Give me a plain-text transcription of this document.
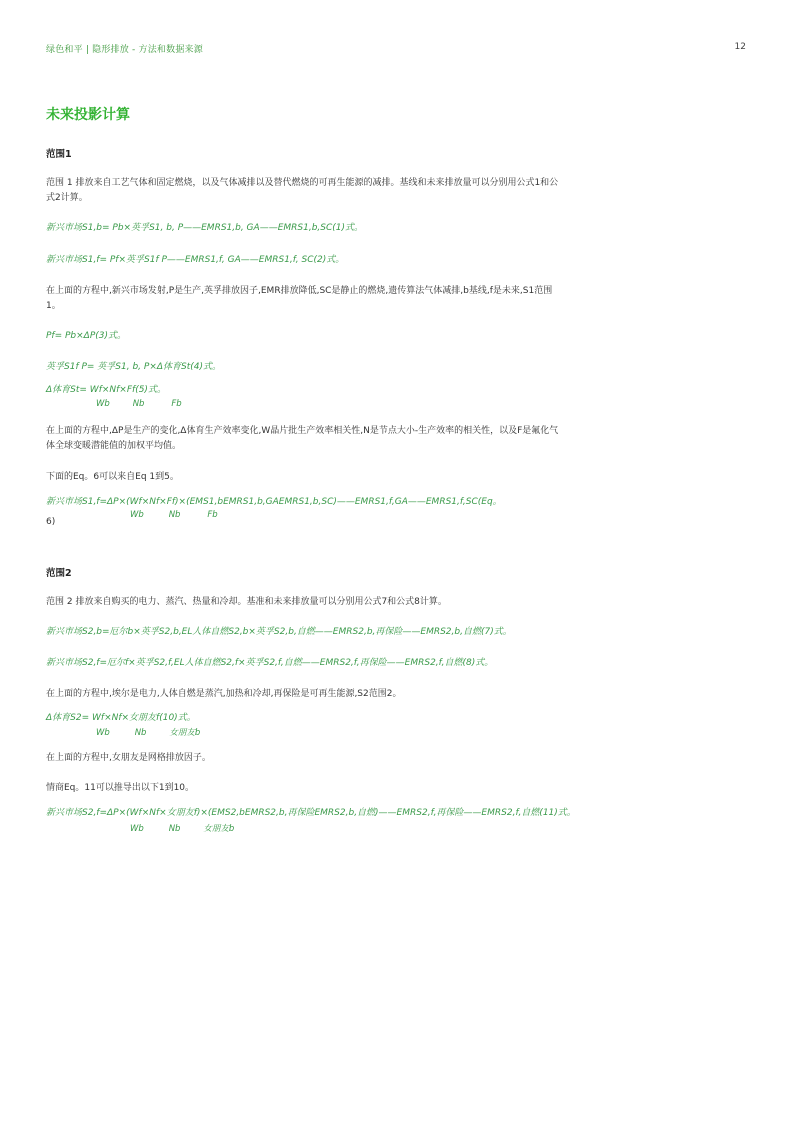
绿色和平 | 隐形排放 - 方法和数据来源	12
未来投影计算
范围1
范围 1 排放来自工艺气体和固定燃烧，以及气体减排以及替代燃烧的可再生能源的减排。基线和未来排放量可以分别用公式1和公式2计算。
新兴市场S1,b= Pb×英孚S1, b, P——EMRS1,b, GA——EMRS1,b,SC(1)式。
新兴市场S1,f= Pf×英孚S1f P——EMRS1,f, GA——EMRS1,f, SC(2)式。
在上面的方程中,新兴市场发射,P是生产,英孚排放因子,EMR排放降低,SC是静止的燃烧,遗传算法气体减排,b基线,f是未来,S1范围1。
Pf= Pb×ΔP(3)式。
英孚S1f P= 英孚S1, b, P×Δ体育St(4)式。
Δ体育St= Wf×Nf×Ff(5)式。
Wb	Nb	Fb
在上面的方程中,ΔP是生产的变化,Δ体育生产效率变化,W晶片批生产效率相关性,N是节点大小-生产效率的相关性，以及F是氟化气体全球变暖潜能值的加权平均值。
下面的Eq。6可以来自Eq 1到5。
新兴市场S1,f=ΔP×(Wf×Nf×Ff)×(EMS1,bEMRS1,b,GAEMRS1,b,SC)——EMRS1,f,GA——EMRS1,f,SC(Eq。
Wb	Nb	Fb
6)
范围2
范围 2 排放来自购买的电力、蒸汽、热量和冷却。基准和未来排放量可以分别用公式7和公式8计算。
新兴市场S2,b=厄尔b×英孚S2,b,EL人体自燃S2,b×英孚S2,b,自燃——EMRS2,b,再保险——EMRS2,b,自燃(7)式。
新兴市场S2,f=厄尔f×英孚S2,f,EL人体自燃S2,f×英孚S2,f,自燃——EMRS2,f,再保险——EMRS2,f,自燃(8)式。
在上面的方程中,埃尔是电力,人体自燃是蒸汽,加热和冷却,再保险是可再生能源,S2范围2。
Δ体育S2= Wf×Nf×女朋友f(10)式。
Wb	Nb	女朋友b
在上面的方程中,女朋友是网格排放因子。
情商Eq。11可以推导出以下1到10。
新兴市场S2,f=ΔP×(Wf×Nf×女朋友f)×(EMS2,bEMRS2,b,再保险EMRS2,b,自燃)——EMRS2,f,再保险——EMRS2,f,自燃(11)式。
Wb	Nb	女朋友b
